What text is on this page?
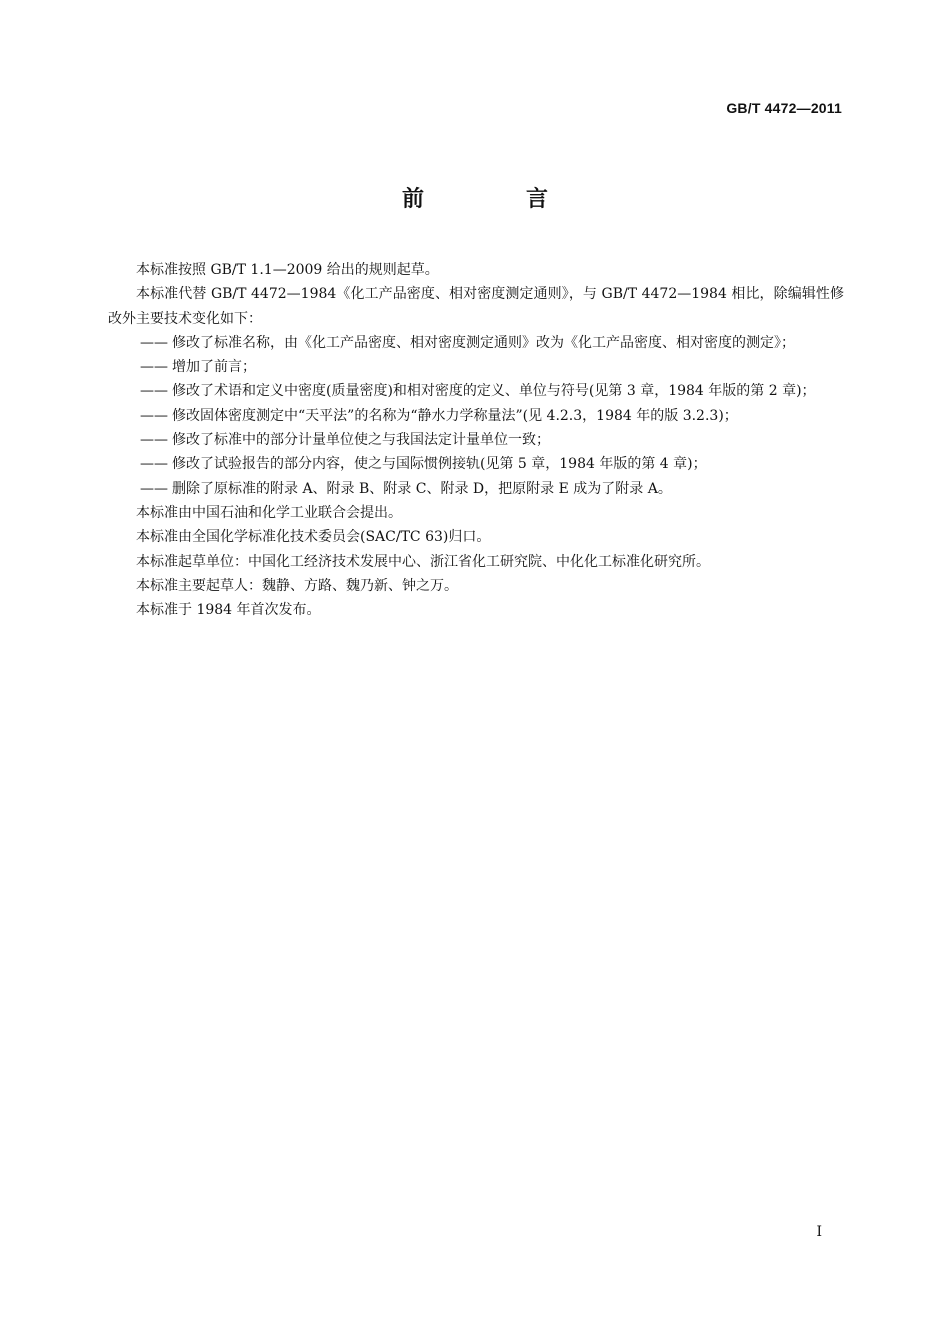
GB/T 4472—2011
前　言

本标准按照 GB/T 1.1—2009 给出的规则起草。

本标准代替 GB/T 4472—1984《化工产品密度、相对密度测定通则》，与 GB/T 4472—1984 相比，除编辑性修改外主要技术变化如下：

—— 修改了标准名称，由《化工产品密度、相对密度测定通则》改为《化工产品密度、相对密度的测定》；
—— 增加了前言；
—— 修改了术语和定义中密度(质量密度)和相对密度的定义、单位与符号(见第 3 章，1984 年版的第 2 章)；
—— 修改固体密度测定中“天平法”的名称为“静水力学称量法”(见 4.2.3，1984 年的版 3.2.3)；
—— 修改了标准中的部分计量单位使之与我国法定计量单位一致；
—— 修改了试验报告的部分内容，使之与国际惯例接轨(见第 5 章，1984 年版的第 4 章)；
—— 删除了原标准的附录 A、附录 B、附录 C、附录 D，把原附录 E 成为了附录 A。

本标准由中国石油和化学工业联合会提出。

本标准由全国化学标准化技术委员会(SAC/TC 63)归口。

本标准起草单位：中国化工经济技术发展中心、浙江省化工研究院、中化化工标准化研究所。

本标准主要起草人：魏静、方路、魏乃新、钟之万。

本标准于 1984 年首次发布。

I
